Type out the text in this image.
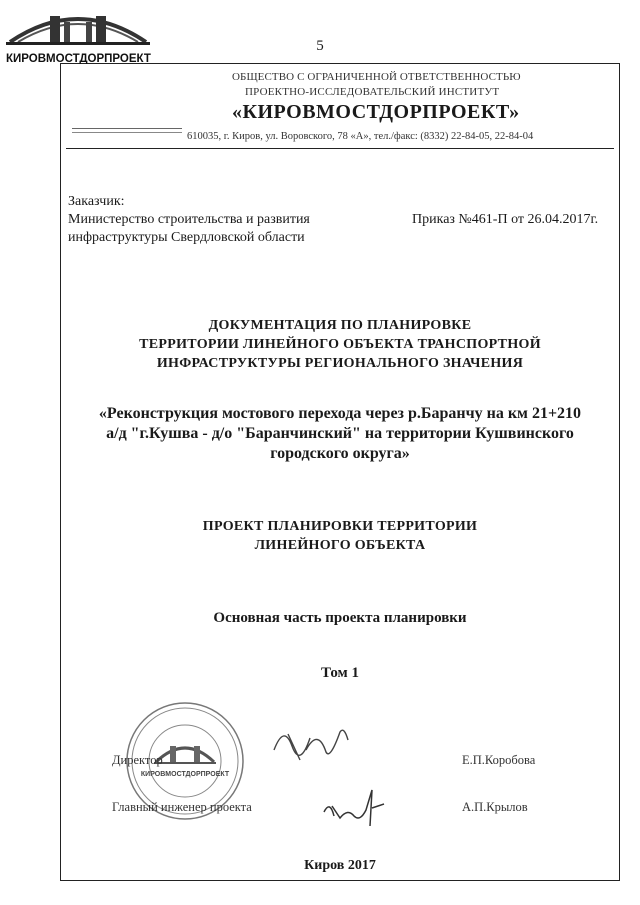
5
КИРОВМОСТДОРПРОЕКТ
ОБЩЕСТВО С ОГРАНИЧЕННОЙ ОТВЕТСТВЕННОСТЬЮ
ПРОЕКТНО-ИССЛЕДОВАТЕЛЬСКИЙ ИНСТИТУТ
«КИРОВМОСТДОРПРОЕКТ»
610035, г. Киров, ул. Воровского, 78 «А», тел./факс: (8332) 22-84-05, 22-84-04
Заказчик:
Министерство строительства и развития
инфраструктуры Свердловской области
Приказ №461-П от 26.04.2017г.
ДОКУМЕНТАЦИЯ ПО ПЛАНИРОВКЕ
ТЕРРИТОРИИ ЛИНЕЙНОГО ОБЪЕКТА ТРАНСПОРТНОЙ
ИНФРАСТРУКТУРЫ РЕГИОНАЛЬНОГО ЗНАЧЕНИЯ
«Реконструкция мостового перехода через р.Баранчу на км 21+210
а/д "г.Кушва - д/о "Баранчинский" на территории Кушвинского
городского округа»
ПРОЕКТ ПЛАНИРОВКИ ТЕРРИТОРИИ
ЛИНЕЙНОГО ОБЪЕКТА
Основная часть проекта планировки
Том 1
КИРОВМОСТДОРПРОЕКТ
Директор	Е.П.Коробова
Главный инженер проекта	А.П.Крылов
Киров 2017
